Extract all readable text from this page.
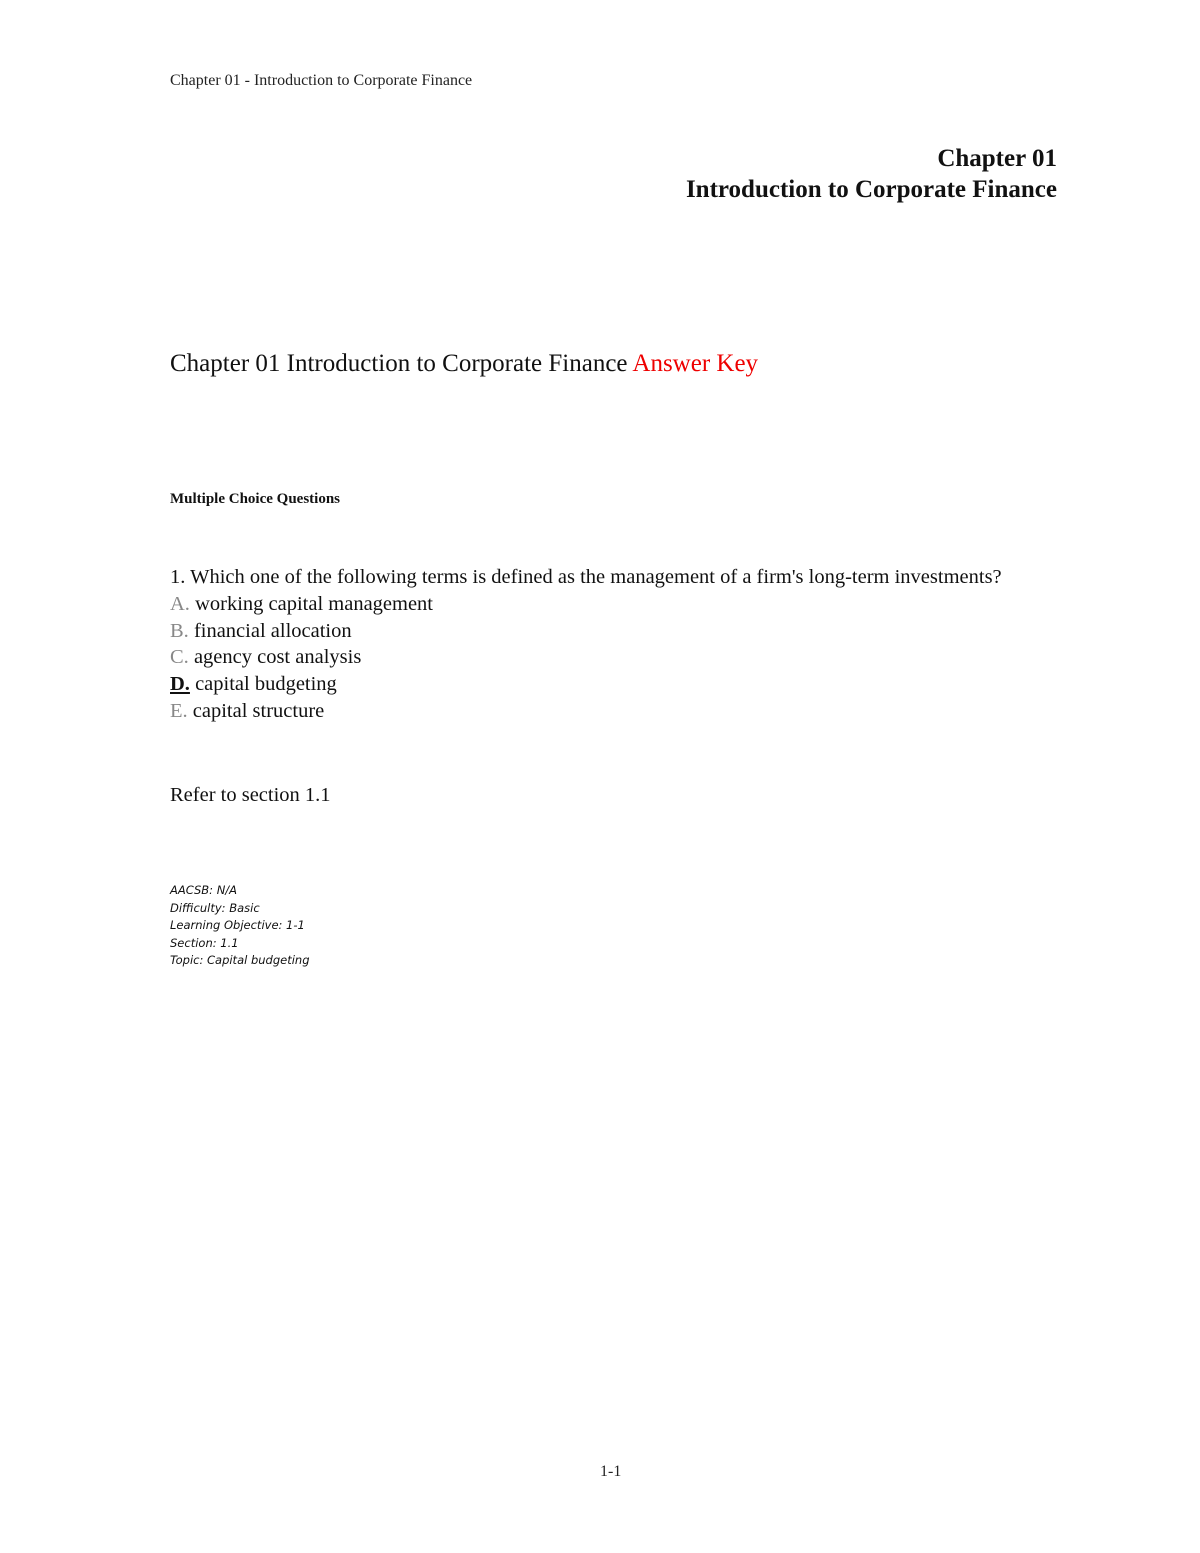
Chapter 01 - Introduction to Corporate Finance
Chapter 01
Introduction to Corporate Finance
Chapter 01 Introduction to Corporate Finance Answer Key
Multiple Choice Questions
1. Which one of the following terms is defined as the management of a firm's long-term investments?
A. working capital management
B. financial allocation
C. agency cost analysis
D. capital budgeting
E. capital structure
Refer to section 1.1
AACSB: N/A
Difficulty: Basic
Learning Objective: 1-1
Section: 1.1
Topic: Capital budgeting
1-1
